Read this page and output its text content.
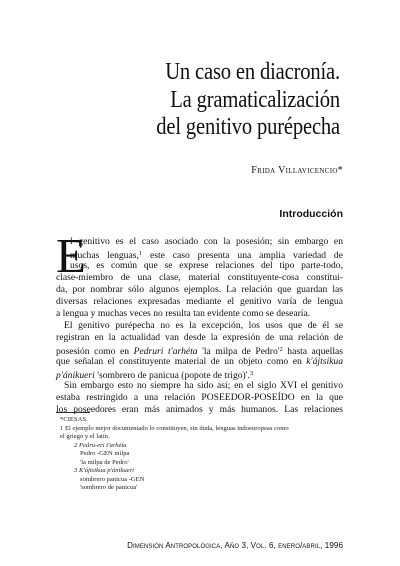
Un caso en diacronía.
La gramaticalización
del genitivo purépecha
Frida Villavicencio*
Introducción
E
l genitivo es el caso asociado con la posesión; sin embargo en
muchas lenguas,$^1$ este caso presenta una amplia variedad de
usos, es común que se exprese relaciones del tipo parte-todo,
clase-miembro de una clase, material constituyente-cosa constitui-
da, por nombrar sólo algunos ejemplos. La relación que guardan las
diversas relaciones expresadas mediante el genitivo varía de lengua
a lengua y muchas veces no resulta tan evidente como se desearía.
El genitivo purépecha no es la excepción, los usos que de él se
registran en la actualidad van desde la expresión de una relación de
posesión como en Pedruri t'arhéta 'la milpa de $Pedro'^2$ hasta aquellas
que señalan el constituyente material de un objeto como en k'ájtsikua
p'ánikueri 'sombrero de panicua (popote de trigo)'.$^3$
Sin embargo esto no siempre ha sido así; en el siglo XVI el genitivo
estaba restringido a una relación POSEEDOR-POSEÍDO en la que
los poseedores eran más animados y más humanos. Las relaciones
*CIESAS.
1 El ejemplo mejor documentado lo constituyen, sin duda, lenguas indoeuropeas como
el griego y el latín.
2 Pedru-eri t'arhéta
Pedro -GEN milpa
'la milpa de Pedro'
3 K'ájtsikua p'ánikueri
sombrero panicua -GEN
'sombrero de panicua'
Dimensión Antropológica, Año 3, Vol. 6, enero/abril, 1996
